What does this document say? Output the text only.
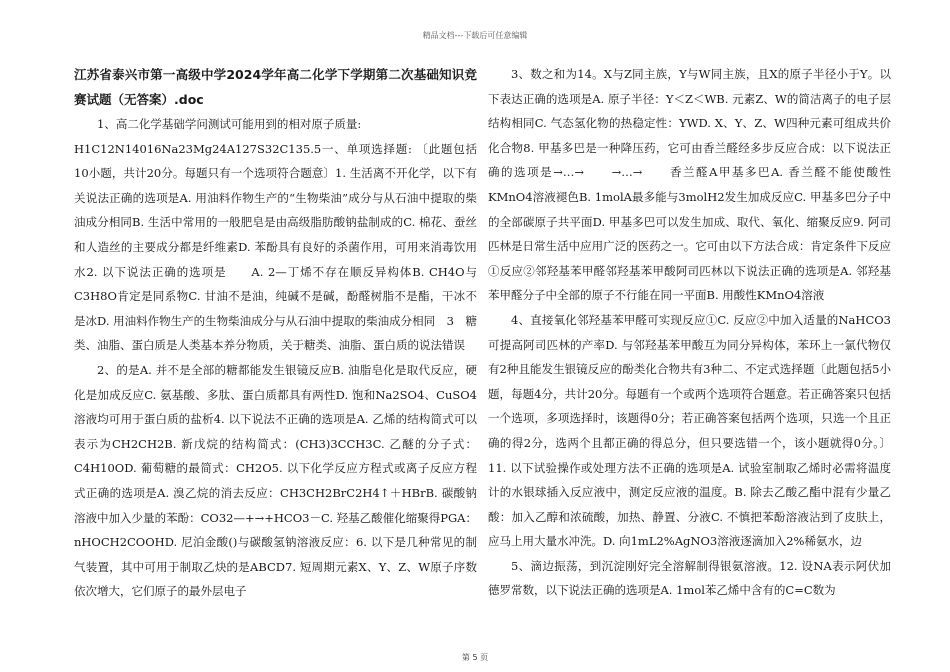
精品文档---下载后可任意编辑

江苏省泰兴市第一高级中学2024学年高二化学下学期第二次基础知识竞赛试题（无答案）.doc

1、高二化学基础学问测试可能用到的相对原子质量:

H1C12N14016Na23Mg24A127S32C135.5一、单项选择题: 〔此题包括10小题，共计20分。每题只有一个选项符合题意〕1. 生活离不开化学，以下有关说法正确的选项是A. 用油料作物生产的“生物柴油”成分与从石油中提取的柴油成分相同B. 生活中常用的一般肥皂是由高级脂肪酸钠盐制成的C. 棉花、蚕丝和人造丝的主要成分都是纤维素D. 苯酚具有良好的杀菌作用，可用来消毒饮用水2. 以下说法正确的选项是　　A. 2—丁烯不存在顺反异构体B. CH4O与C3H8O肯定是同系物C. 甘油不是油，纯碱不是碱，酚醛树脂不是酯，干冰不是冰D. 用油料作物生产的生物柴油成分与从石油中提取的柴油成分相同　3　糖类、油脂、蛋白质是人类基本养分物质，关于糖类、油脂、蛋白质的说法错误

2、的是A. 并不是全部的糖都能发生银镜反应B. 油脂皂化是取代反应，硬化是加成反应C. 氨基酸、多肽、蛋白质都具有两性D. 饱和Na2SO4、CuSO4溶液均可用于蛋白质的盐析4. 以下说法不正确的选项是A. 乙烯的结构简式可以表示为CH2CH2B. 新戊烷的结构简式：(CH3)3CCH3C. 乙醚的分子式：C4H10OD. 葡萄糖的最简式：CH2O5. 以下化学反应方程式或离子反应方程式正确的选项是A. 溴乙烷的消去反应：CH3CH2BrC2H4↑＋HBrB. 碳酸钠溶液中加入少量的苯酚：CO32—+→+HCO3－C. 羟基乙酸催化缩聚得PGA：nHOCH2COOHD. 尼泊金酸()与碳酸氢钠溶液反应：6. 以下是几种常见的制气装置，其中可用于制取乙炔的是ABCD7. 短周期元素X、Y、Z、W原子序数依次增大，它们原子的最外层电子

3、数之和为14。X与Z同主族，Y与W同主族，且X的原子半径小于Y。以下表达正确的选项是A. 原子半径：Y＜Z＜WB. 元素Z、W的简洁离子的电子层结构相同C. 气态氢化物的热稳定性：YWD. X、Y、Z、W四种元素可组成共价化合物8. 甲基多巴是一种降压药，它可由香兰醛经多步反应合成：以下说法正确的选项是→…→　　→…→　　香兰醛A甲基多巴A. 香兰醛不能使酸性KMnO4溶液褪色B. 1molA最多能与3molH2发生加成反应C. 甲基多巴分子中的全部碳原子共平面D. 甲基多巴可以发生加成、取代、氧化、缩聚反应9. 阿司匹林是日常生活中应用广泛的医药之一。它可由以下方法合成：肯定条件下反应①反应②邻羟基苯甲醛邻羟基苯甲酸阿司匹林以下说法正确的选项是A. 邻羟基苯甲醛分子中全部的原子不行能在同一平面B. 用酸性KMnO4溶液

4、直接氧化邻羟基苯甲醛可实现反应①C. 反应②中加入适量的NaHCO3可提高阿司匹林的产率D. 与邻羟基苯甲酸互为同分异构体，苯环上一氯代物仅有2种且能发生银镜反应的酚类化合物共有3种二、不定式选择题〔此题包括5小题，每题4分，共计20分。每题有一个或两个选项符合题意。若正确答案只包括一个选项，多项选择时，该题得0分；若正确答案包括两个选项，只选一个且正确的得2分，选两个且都正确的得总分，但只要选错一个，该小题就得0分。〕11. 以下试验操作或处理方法不正确的选项是A. 试验室制取乙烯时必需将温度计的水银球插入反应液中，测定反应液的温度。B. 除去乙酸乙酯中混有少量乙酸：加入乙醇和浓硫酸，加热、静置、分液C. 不慎把苯酚溶液沾到了皮肤上，应马上用大量水冲洗。D. 向1mL2%AgNO3溶液逐滴加入2%稀氨水，边

5、滴边振荡，到沉淀刚好完全溶解制得银氨溶液。12. 设NA表示阿伏加德罗常数，以下说法正确的选项是A. 1mol苯乙烯中含有的C=C数为

第 5 页
